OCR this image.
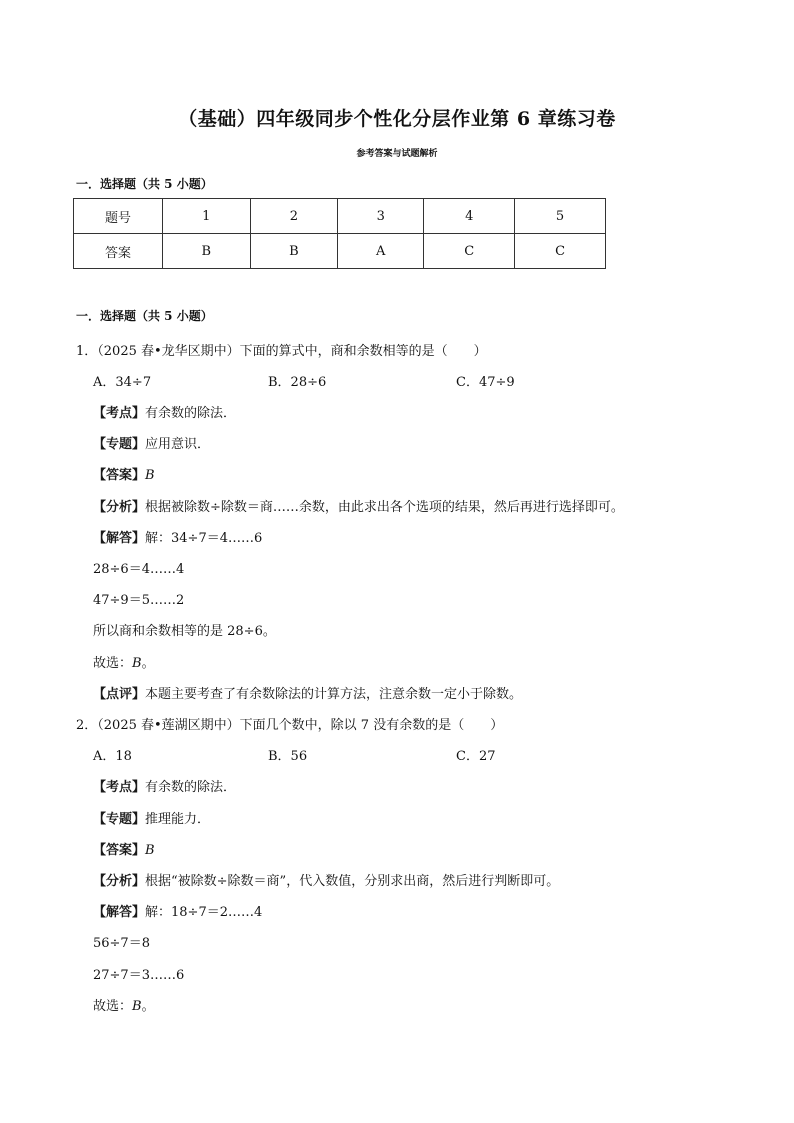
（基础）四年级同步个性化分层作业第 6 章练习卷
参考答案与试题解析
一．选择题（共 5 小题）
题号	1	2	3	4	5
答案	B	B	A	C	C
一．选择题（共 5 小题）
1．（2025 春•龙华区期中）下面的算式中，商和余数相等的是（　　）
A．34÷7	B．28÷6	C．47÷9
【考点】有余数的除法．
【专题】应用意识．
【答案】B
【分析】根据被除数÷除数＝商……余数，由此求出各个选项的结果，然后再进行选择即可。
【解答】解：34÷7＝4……6
28÷6＝4……4
47÷9＝5……2
所以商和余数相等的是 28÷6。
故选：B。
【点评】本题主要考查了有余数除法的计算方法，注意余数一定小于除数。
2．（2025 春•莲湖区期中）下面几个数中，除以 7 没有余数的是（　　）
A．18	B．56	C．27
【考点】有余数的除法．
【专题】推理能力．
【答案】B
【分析】根据“被除数÷除数＝商”，代入数值，分别求出商，然后进行判断即可。
【解答】解：18÷7＝2……4
56÷7＝8
27÷7＝3……6
故选：B。
